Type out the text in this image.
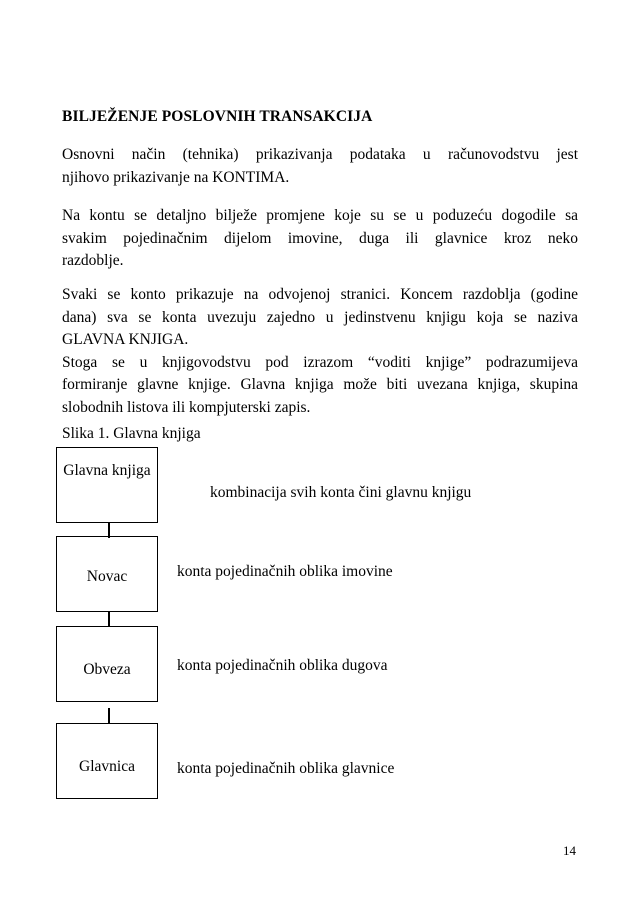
BILJEŽENJE POSLOVNIH TRANSAKCIJA
Osnovni način (tehnika) prikazivanja podataka u računovodstvu jest
njihovo prikazivanje na KONTIMA.
Na kontu se detaljno bilježe promjene koje su se u poduzeću dogodile sa
svakim pojedinačnim dijelom imovine, duga ili glavnice kroz neko
razdoblje.
Svaki se konto prikazuje na odvojenoj stranici. Koncem razdoblja (godine
dana) sva se konta uvezuju zajedno u jedinstvenu knjigu koja se naziva
GLAVNA KNJIGA.
Stoga se u knjigovodstvu pod izrazom “voditi knjige” podrazumijeva
formiranje glavne knjige. Glavna knjiga može biti uvezana knjiga, skupina
slobodnih listova ili kompjuterski zapis.
Slika 1. Glavna knjiga
Glavna knjiga
kombinacija svih konta čini glavnu knjigu
Novac	konta pojedinačnih oblika imovine
Obveza	konta pojedinačnih oblika dugova
Glavnica	konta pojedinačnih oblika glavnice
14
